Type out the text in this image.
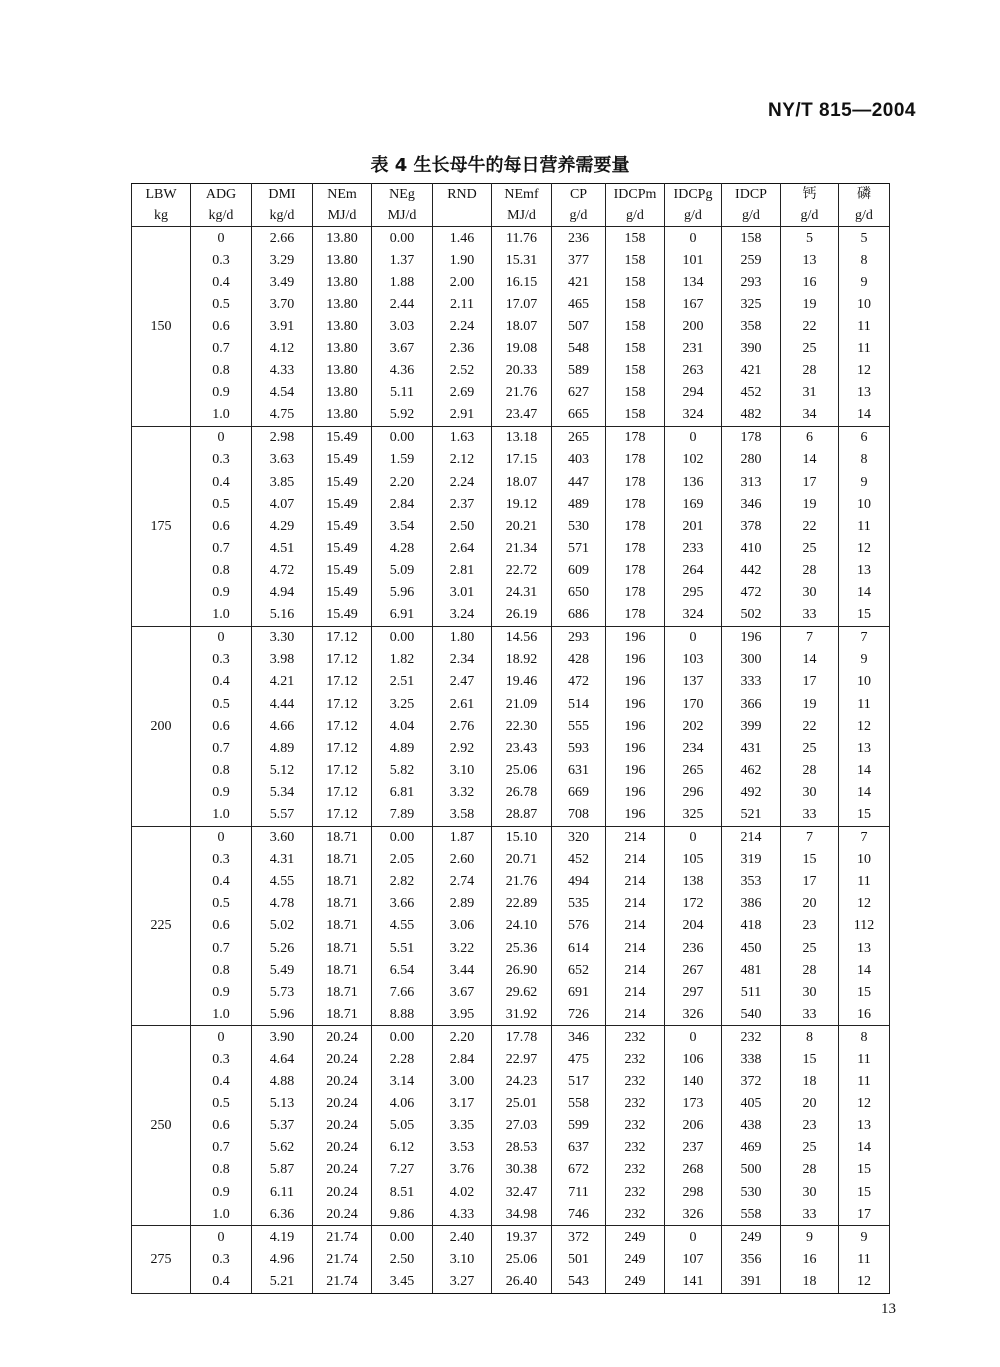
NY/T 815—2004
表 4 生长母牛的每日营养需要量
LBW	ADG	DMI	NEm	NEg	RND	NEmf	CP	IDCPm	IDCPg	IDCP	钙	磷
kg	kg/d	kg/d	MJ/d	MJ/d		MJ/d	g/d	g/d	g/d	g/d	g/d	g/d
150	0	2.66	13.80	0.00	1.46	11.76	236	158	0	158	5	5
	0.3	3.29	13.80	1.37	1.90	15.31	377	158	101	259	13	8
	0.4	3.49	13.80	1.88	2.00	16.15	421	158	134	293	16	9
	0.5	3.70	13.80	2.44	2.11	17.07	465	158	167	325	19	10
	0.6	3.91	13.80	3.03	2.24	18.07	507	158	200	358	22	11
	0.7	4.12	13.80	3.67	2.36	19.08	548	158	231	390	25	11
	0.8	4.33	13.80	4.36	2.52	20.33	589	158	263	421	28	12
	0.9	4.54	13.80	5.11	2.69	21.76	627	158	294	452	31	13
	1.0	4.75	13.80	5.92	2.91	23.47	665	158	324	482	34	14
175	0	2.98	15.49	0.00	1.63	13.18	265	178	0	178	6	6
	0.3	3.63	15.49	1.59	2.12	17.15	403	178	102	280	14	8
	0.4	3.85	15.49	2.20	2.24	18.07	447	178	136	313	17	9
	0.5	4.07	15.49	2.84	2.37	19.12	489	178	169	346	19	10
	0.6	4.29	15.49	3.54	2.50	20.21	530	178	201	378	22	11
	0.7	4.51	15.49	4.28	2.64	21.34	571	178	233	410	25	12
	0.8	4.72	15.49	5.09	2.81	22.72	609	178	264	442	28	13
	0.9	4.94	15.49	5.96	3.01	24.31	650	178	295	472	30	14
	1.0	5.16	15.49	6.91	3.24	26.19	686	178	324	502	33	15
200	0	3.30	17.12	0.00	1.80	14.56	293	196	0	196	7	7
	0.3	3.98	17.12	1.82	2.34	18.92	428	196	103	300	14	9
	0.4	4.21	17.12	2.51	2.47	19.46	472	196	137	333	17	10
	0.5	4.44	17.12	3.25	2.61	21.09	514	196	170	366	19	11
	0.6	4.66	17.12	4.04	2.76	22.30	555	196	202	399	22	12
	0.7	4.89	17.12	4.89	2.92	23.43	593	196	234	431	25	13
	0.8	5.12	17.12	5.82	3.10	25.06	631	196	265	462	28	14
	0.9	5.34	17.12	6.81	3.32	26.78	669	196	296	492	30	14
	1.0	5.57	17.12	7.89	3.58	28.87	708	196	325	521	33	15
225	0	3.60	18.71	0.00	1.87	15.10	320	214	0	214	7	7
	0.3	4.31	18.71	2.05	2.60	20.71	452	214	105	319	15	10
	0.4	4.55	18.71	2.82	2.74	21.76	494	214	138	353	17	11
	0.5	4.78	18.71	3.66	2.89	22.89	535	214	172	386	20	12
	0.6	5.02	18.71	4.55	3.06	24.10	576	214	204	418	23	112
	0.7	5.26	18.71	5.51	3.22	25.36	614	214	236	450	25	13
	0.8	5.49	18.71	6.54	3.44	26.90	652	214	267	481	28	14
	0.9	5.73	18.71	7.66	3.67	29.62	691	214	297	511	30	15
	1.0	5.96	18.71	8.88	3.95	31.92	726	214	326	540	33	16
250	0	3.90	20.24	0.00	2.20	17.78	346	232	0	232	8	8
	0.3	4.64	20.24	2.28	2.84	22.97	475	232	106	338	15	11
	0.4	4.88	20.24	3.14	3.00	24.23	517	232	140	372	18	11
	0.5	5.13	20.24	4.06	3.17	25.01	558	232	173	405	20	12
	0.6	5.37	20.24	5.05	3.35	27.03	599	232	206	438	23	13
	0.7	5.62	20.24	6.12	3.53	28.53	637	232	237	469	25	14
	0.8	5.87	20.24	7.27	3.76	30.38	672	232	268	500	28	15
	0.9	6.11	20.24	8.51	4.02	32.47	711	232	298	530	30	15
	1.0	6.36	20.24	9.86	4.33	34.98	746	232	326	558	33	17
275	0	4.19	21.74	0.00	2.40	19.37	372	249	0	249	9	9
	0.3	4.96	21.74	2.50	3.10	25.06	501	249	107	356	16	11
	0.4	5.21	21.74	3.45	3.27	26.40	543	249	141	391	18	12
13
